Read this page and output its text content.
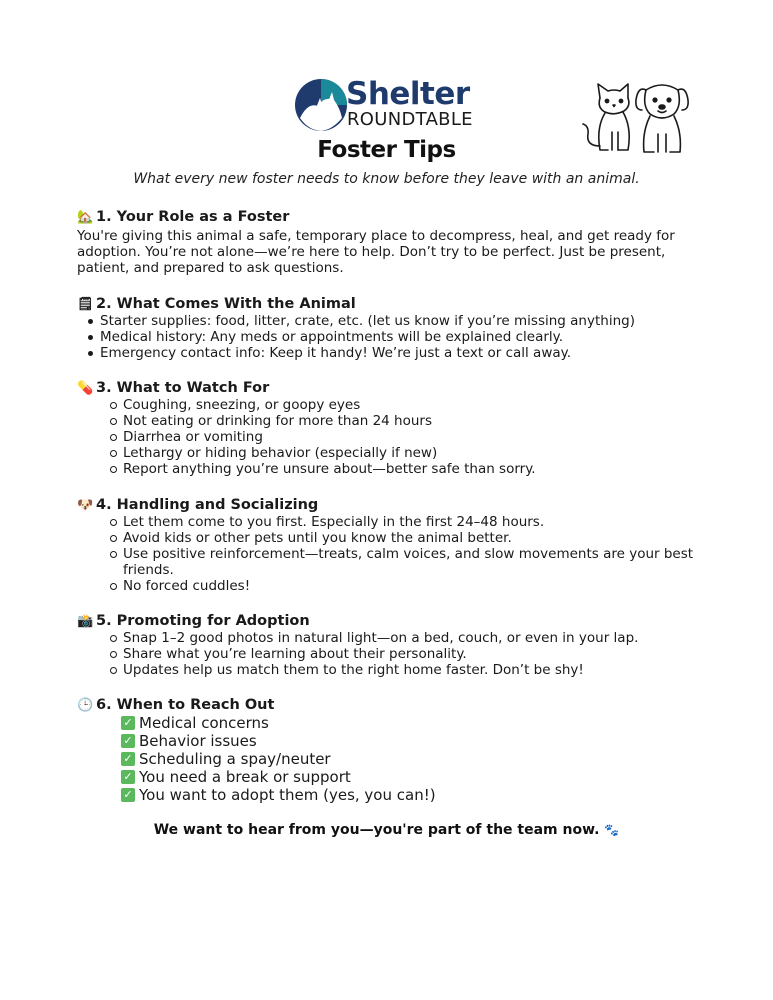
Shelter
ROUNDTABLE
Foster Tips
What every new foster needs to know before they leave with an animal.
🏡 1. Your Role as a Foster

You're giving this animal a safe, temporary place to decompress, heal, and get ready for adoption. You’re not alone—we’re here to help. Don’t try to be perfect. Just be present, patient, and prepared to ask questions.

🗒 2. What Comes With the Animal
Starter supplies: food, litter, crate, etc. (let us know if you’re missing anything)
Medical history: Any meds or appointments will be explained clearly.
Emergency contact info: Keep it handy! We’re just a text or call away.
💊 3. What to Watch For
Coughing, sneezing, or goopy eyes
Not eating or drinking for more than 24 hours
Diarrhea or vomiting
Lethargy or hiding behavior (especially if new)
Report anything you’re unsure about—better safe than sorry.
🐶 4. Handling and Socializing
Let them come to you first. Especially in the first 24–48 hours.
Avoid kids or other pets until you know the animal better.
Use positive reinforcement—treats, calm voices, and slow movements are your best friends.
No forced cuddles!
📸 5. Promoting for Adoption
Snap 1–2 good photos in natural light—on a bed, couch, or even in your lap.
Share what you’re learning about their personality.
Updates help us match them to the right home faster. Don’t be shy!
🕒 6. When to Reach Out
✓ Medical concerns
✓ Behavior issues
✓ Scheduling a spay/neuter
✓ You need a break or support
✓ You want to adopt them (yes, you can!)
We want to hear from you—you're part of the team now. 🐾
